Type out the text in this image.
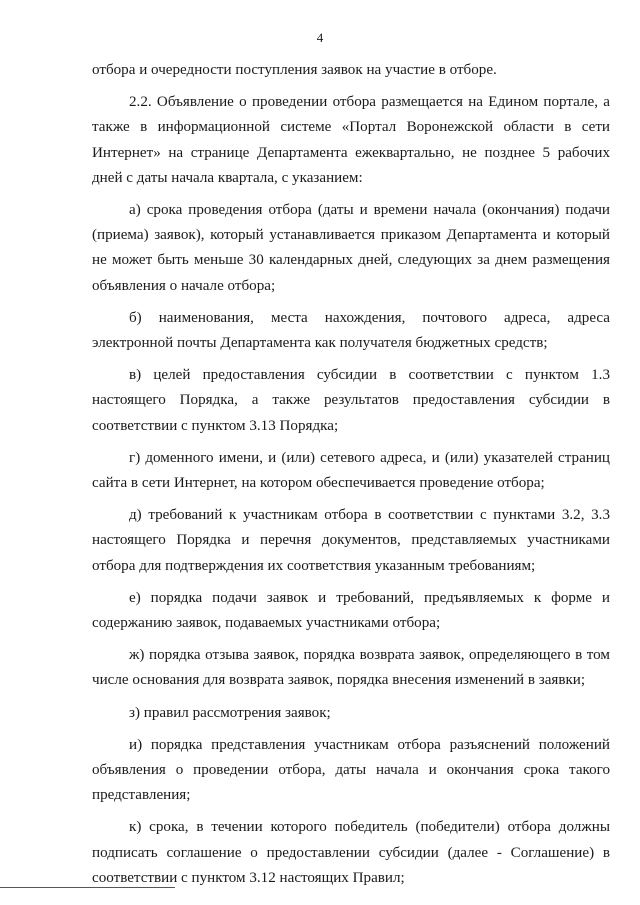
4

отбора и очередности поступления заявок на участие в отборе.

2.2. Объявление о проведении отбора размещается на Едином портале, а также в информационной системе «Портал Воронежской области в сети Интернет» на странице Департамента ежеквартально, не позднее 5 рабочих дней с даты начала квартала, с указанием:

а) срока проведения отбора (даты и времени начала (окончания) подачи (приема) заявок), который устанавливается приказом Департамента и который не может быть меньше 30 календарных дней, следующих за днем размещения объявления о начале отбора;

б) наименования, места нахождения, почтового адреса, адреса электронной почты Департамента как получателя бюджетных средств;

в) целей предоставления субсидии в соответствии с пунктом 1.3 настоящего Порядка, а также результатов предоставления субсидии в соответствии с пунктом 3.13 Порядка;

г) доменного имени, и (или) сетевого адреса, и (или) указателей страниц сайта в сети Интернет, на котором обеспечивается проведение отбора;

д) требований к участникам отбора в соответствии с пунктами 3.2, 3.3 настоящего Порядка и перечня документов, представляемых участниками отбора для подтверждения их соответствия указанным требованиям;

е) порядка подачи заявок и требований, предъявляемых к форме и содержанию заявок, подаваемых участниками отбора;

ж) порядка отзыва заявок, порядка возврата заявок, определяющего в том числе основания для возврата заявок, порядка внесения изменений в заявки;

з) правил рассмотрения заявок;

и) порядка представления участникам отбора разъяснений положений объявления о проведении отбора, даты начала и окончания срока такого представления;

к) срока, в течении которого победитель (победители) отбора должны подписать соглашение о предоставлении субсидии (далее - Соглашение) в соответствии с пунктом 3.12 настоящих Правил;
